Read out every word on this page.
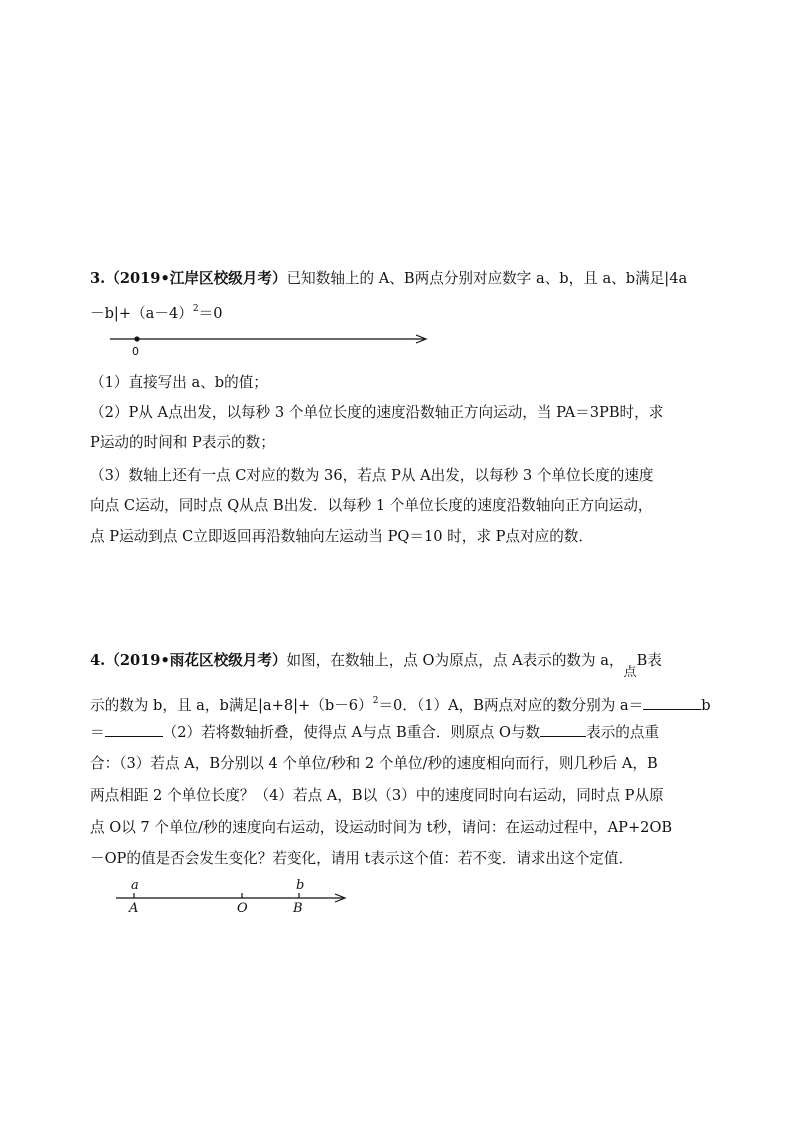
3.（2019•江岸区校级月考）已知数轴上的 A、B两点分别对应数字 a、b，且 a、b满足|4a
$-b|+(a-4)^2=0$
0
（1）直接写出 a、b的值；
（2）P从 A点出发，以每秒 3 个单位长度的速度沿数轴正方向运动，当 PA＝3PB时，求
P运动的时间和 P表示的数；
（3）数轴上还有一点 C对应的数为 36，若点 P从 A出发，以每秒 3 个单位长度的速度
向点 C运动，同时点 Q从点 B出发．以每秒 1 个单位长度的速度沿数轴向正方向运动，
点 P运动到点 C立即返回再沿数轴向左运动当 PQ＝10 时，求 P点对应的数．
4.（2019•雨花区校级月考）如图，在数轴上，点 O为原点，点 A表示的数为 a，点B表
示的数为 b，且 a，b满足$|a+8|+(b-6)^2=0$．（1）A，B两点对应的数分别为 a＝	b
＝	（2）若将数轴折叠，使得点 A与点 B重合．则原点 O与数	表示的点重
合：（3）若点 A，B分别以 4 个单位/秒和 2 个单位/秒的速度相向而行，则几秒后 A，B
两点相距 2 个单位长度？（4）若点 A，B以（3）中的速度同时向右运动，同时点 P从原
点 O以 7 个单位/秒的速度向右运动，设运动时间为 t秒，请问：在运动过程中，AP+2OB
－OP的值是否会发生变化？若变化，请用 t表示这个值：若不变．请求出这个定值．
a	b
A	O	B
